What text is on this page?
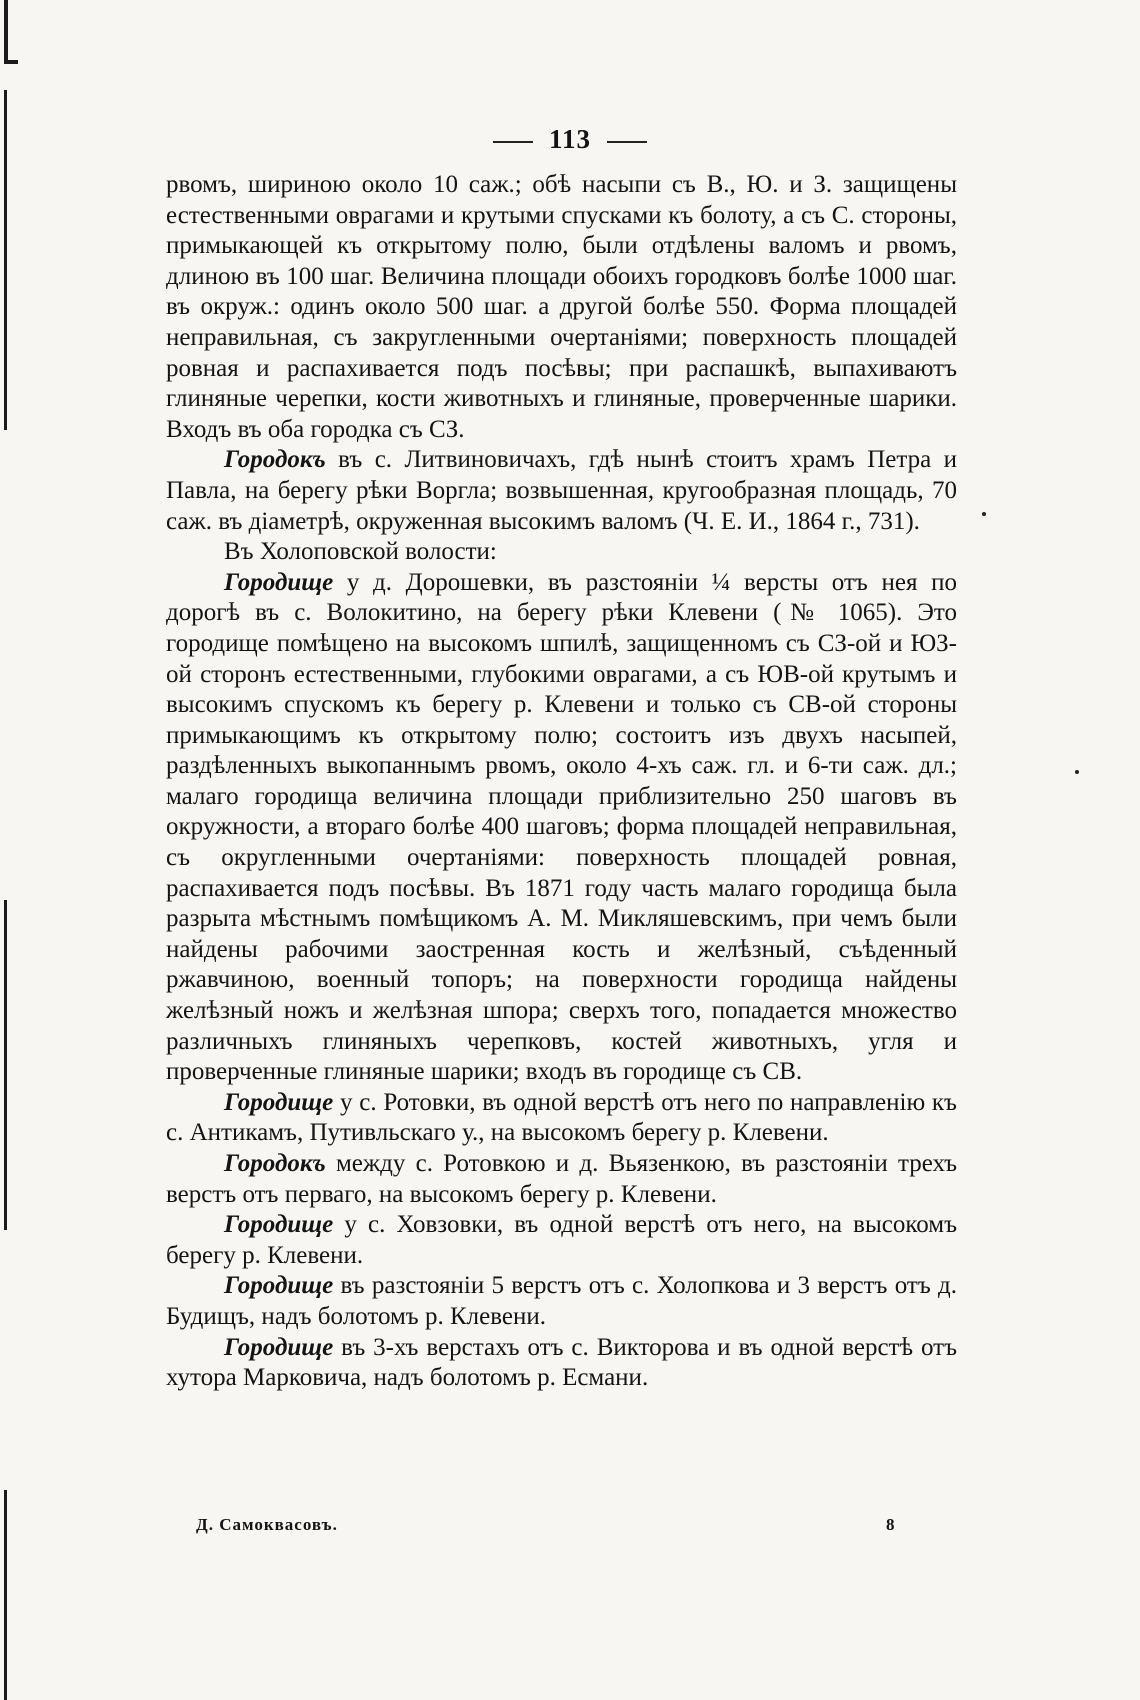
113

рвомъ, шириною около 10 саж.; обѣ насыпи съ В., Ю. и З. защищены естественными оврагами и крутыми спусками къ болоту, а съ С. стороны, примыкающей къ открытому полю, были отдѣлены валомъ и рвомъ, длиною въ 100 шаг. Величина площади обоихъ городковъ болѣе 1000 шаг. въ окруж.: одинъ около 500 шаг. а другой болѣе 550. Форма площадей неправильная, съ закругленными очертаніями; поверхность площадей ровная и распахивается подъ посѣвы; при распашкѣ, выпахиваютъ глиняные черепки, кости животныхъ и глиняные, проверченные шарики. Входъ въ оба городка съ СЗ.

Городокъ въ с. Литвиновичахъ, гдѣ нынѣ стоитъ храмъ Петра и Павла, на берегу рѣки Воргла; возвышенная, кругообразная площадь, 70 саж. въ діаметрѣ, окруженная высокимъ валомъ (Ч. Е. И., 1864 г., 731).

Въ Холоповской волости:

Городище у д. Дорошевки, въ разстояніи ¼ версты отъ нея по дорогѣ въ с. Волокитино, на берегу рѣки Клевени (№ 1065). Это городище помѣщено на высокомъ шпилѣ, защищенномъ съ СЗ-ой и ЮЗ-ой сторонъ естественными, глубокими оврагами, а съ ЮВ-ой крутымъ и высокимъ спускомъ къ берегу р. Клевени и только съ СВ-ой стороны примыкающимъ къ открытому полю; состоитъ изъ двухъ насыпей, раздѣленныхъ выкопаннымъ рвомъ, около 4-хъ саж. гл. и 6-ти саж. дл.; малаго городища величина площади приблизительно 250 шаговъ въ окружности, а втораго болѣе 400 шаговъ; форма площадей неправильная, съ округленными очертаніями: поверхность площадей ровная, распахивается подъ посѣвы. Въ 1871 году часть малаго городища была разрыта мѣстнымъ помѣщикомъ А. М. Микляшевскимъ, при чемъ были найдены рабочими заостренная кость и желѣзный, съѣденный ржавчиною, военный топоръ; на поверхности городища найдены желѣзный ножъ и желѣзная шпора; сверхъ того, попадается множество различныхъ глиняныхъ черепковъ, костей животныхъ, угля и проверченные глиняные шарики; входъ въ городище съ СВ.

Городище у с. Ротовки, въ одной верстѣ отъ него по направленію къ с. Антикамъ, Путивльскаго у., на высокомъ берегу р. Клевени.

Городокъ между с. Ротовкою и д. Вьязенкою, въ разстояніи трехъ верстъ отъ перваго, на высокомъ берегу р. Клевени.

Городище у с. Ховзовки, въ одной верстѣ отъ него, на высокомъ берегу р. Клевени.

Городище въ разстояніи 5 верстъ отъ с. Холопкова и 3 верстъ отъ д. Будищъ, надъ болотомъ р. Клевени.

Городище въ 3-хъ верстахъ отъ с. Викторова и въ одной верстѣ отъ хутора Марковича, надъ болотомъ р. Есмани.

Д. Самоквасовъ.	8
